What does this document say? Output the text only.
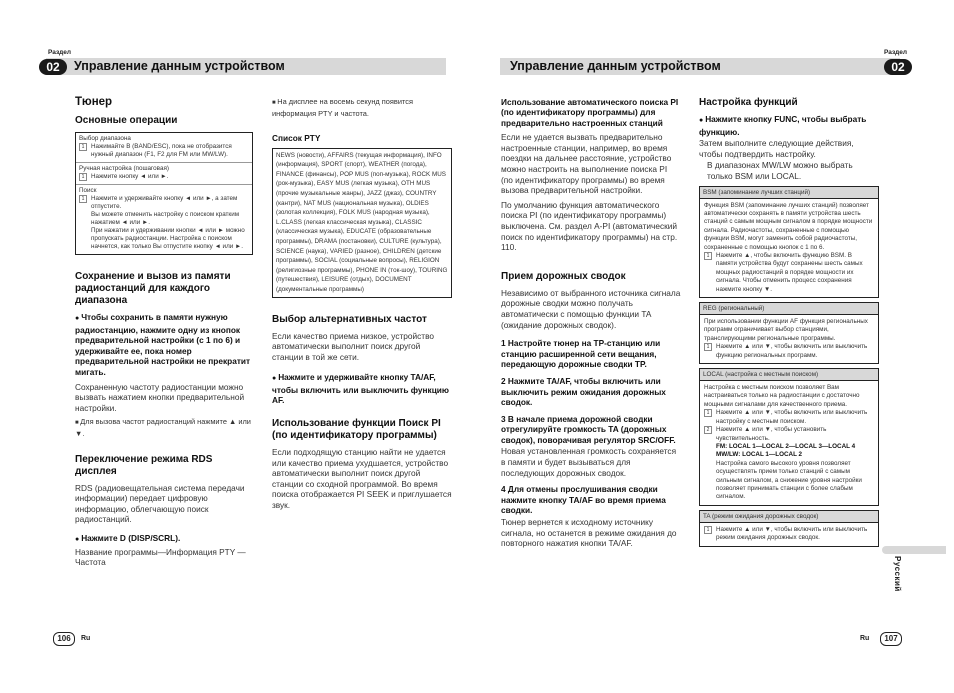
Раздел
02	Управление данным устройством
Раздел
Управление данным устройством	02
Тюнер
Основные операции
Выбор диапазона
1	Нажимайте B (BAND/ESC), пока не отобразится нужный диапазон (F1, F2 для FM или MW/LW).
Ручная настройка (пошаговая)
1	Нажмите кнопку ◄ или ►.
Поиск
1	Нажмите и удерживайте кнопку ◄ или ►, а затем отпустите.
Вы можете отменить настройку с поиском кратким нажатием ◄ или ►.
При нажатии и удерживании кнопки ◄ или ► можно пропускать радиостанции. Настройка с поиском начнется, как только Вы отпустите кнопку ◄ или ►.
Сохранение и вызов из памяти радиостанций для каждого диапазона

● Чтобы сохранить в памяти нужную радиостанцию, нажмите одну из кнопок предварительной настройки (с 1 по 6) и удерживайте ее, пока номер предварительной настройки не прекратит мигать.

Сохраненную частоту радиостанции можно вызвать нажатием кнопки предварительной настройки.

■ Для вызова частот радиостанций нажмите ▲ или ▼.

Переключение режима RDS дисплея

RDS (радиовещательная система передачи информации) передает цифровую информацию, облегчающую поиск радиостанций.

● Нажмите D (DISP/SCRL).

Название программы—Информация PTY —Частота

■ На дисплее на восемь секунд появится информация PTY и частота.

Список PTY
NEWS (новости), AFFAIRS (текущая информация), INFO (информация), SPORT (спорт), WEATHER (погода), FINANCE (финансы), POP MUS (поп-музыка), ROCK MUS (рок-музыка), EASY MUS (легкая музыка), OTH MUS (прочие музыкальные жанры), JAZZ (джаз), COUNTRY (кантри), NAT MUS (национальная музыка), OLDIES (золотая коллекция), FOLK MUS (народная музыка), L.CLASS (легкая классическая музыка), CLASSIC (классическая музыка), EDUCATE (образовательные программы), DRAMA (постановки), CULTURE (культура), SCIENCE (наука), VARIED (разное), CHILDREN (детские программы), SOCIAL (социальные вопросы), RELIGION (религиозные программы), PHONE IN (ток-шоу), TOURING (путешествия), LEISURE (отдых), DOCUMENT (документальные программы)
Выбор альтернативных частот

Если качество приема низкое, устройство автоматически выполнит поиск другой станции в той же сети.

● Нажмите и удерживайте кнопку TA/AF, чтобы включить или выключить функцию AF.

Использование функции Поиск PI (по идентификатору программы)

Если подходящую станцию найти не удается или качество приема ухудшается, устройство автоматически выполнит поиск другой станции со сходной программой. Во время поиска отображается PI SEEK и приглушается звук.

Использование автоматического поиска PI (по идентификатору программы) для предварительно настроенных станций

Если не удается вызвать предварительно настроенные станции, например, во время поездки на дальнее расстояние, устройство можно настроить на выполнение поиска PI (по идентификатору программы) во время вызова предварительной настройки.

По умолчанию функция автоматического поиска PI (по идентификатору программы) выключена. См. раздел A-PI (автоматический поиск по идентификатору программы) на стр. 110.

Прием дорожных сводок

Независимо от выбранного источника сигнала дорожные сводки можно получать автоматически с помощью функции TA (ожидание дорожных сводок).

1 Настройте тюнер на TP-станцию или станцию расширенной сети вещания, передающую дорожные сводки TP.

2 Нажмите TA/AF, чтобы включить или выключить режим ожидания дорожных сводок.

3 В начале приема дорожной сводки отрегулируйте громкость TA (дорожных сводок), поворачивая регулятор SRC/OFF.

Новая установленная громкость сохраняется в памяти и будет вызываться для последующих дорожных сводок.

4 Для отмены прослушивания сводки нажмите кнопку TA/AF во время приема сводки.

Тюнер вернется к исходному источнику сигнала, но останется в режиме ожидания до повторного нажатия кнопки TA/AF.

Настройка функций

● Нажмите кнопку FUNC, чтобы выбрать функцию.

Затем выполните следующие действия, чтобы подтвердить настройку.

В диапазонах MW/LW можно выбрать только BSM или LOCAL.

BSM (запоминание лучших станций)
Функция BSM (запоминание лучших станций) позволяет автоматически сохранять в памяти устройства шесть станций с самым мощным сигналом в порядке мощности сигнала. Радиочастоты, сохраненные с помощью функции BSM, могут заменить собой радиочастоты, сохраненные с помощью кнопок с 1 по 6.
1	Нажмите ▲, чтобы включить функцию BSM. В памяти устройства будут сохранены шесть самых мощных радиостанций в порядке мощности их сигнала. Чтобы отменить процесс сохранения нажмите кнопку ▼.
REG (региональный)
При использовании функции AF функция региональных программ ограничивает выбор станциями, транслирующими региональные программы.
1	Нажмите ▲ или ▼, чтобы включить или выключить функцию региональных программ.
LOCAL (настройка с местным поиском)
Настройка с местным поиском позволяет Вам настраиваться только на радиостанции с достаточно мощными сигналами для качественного приема.
1	Нажмите ▲ или ▼, чтобы включить или выключить настройку с местным поиском.
2	Нажмите ▲ или ▼, чтобы установить чувствительность.
FM: LOCAL 1—LOCAL 2—LOCAL 3—LOCAL 4
MW/LW: LOCAL 1—LOCAL 2
Настройка самого высокого уровня позволяет осуществлять прием только станций с самым сильным сигналом, а снижение уровня настройки позволяет принимать станции с более слабым сигналом.
TA (режим ожидания дорожных сводок)
1	Нажмите ▲ или ▼, чтобы включить или выключить режим ожидания дорожных сводок.
Русский
106	Ru	Ru	107
